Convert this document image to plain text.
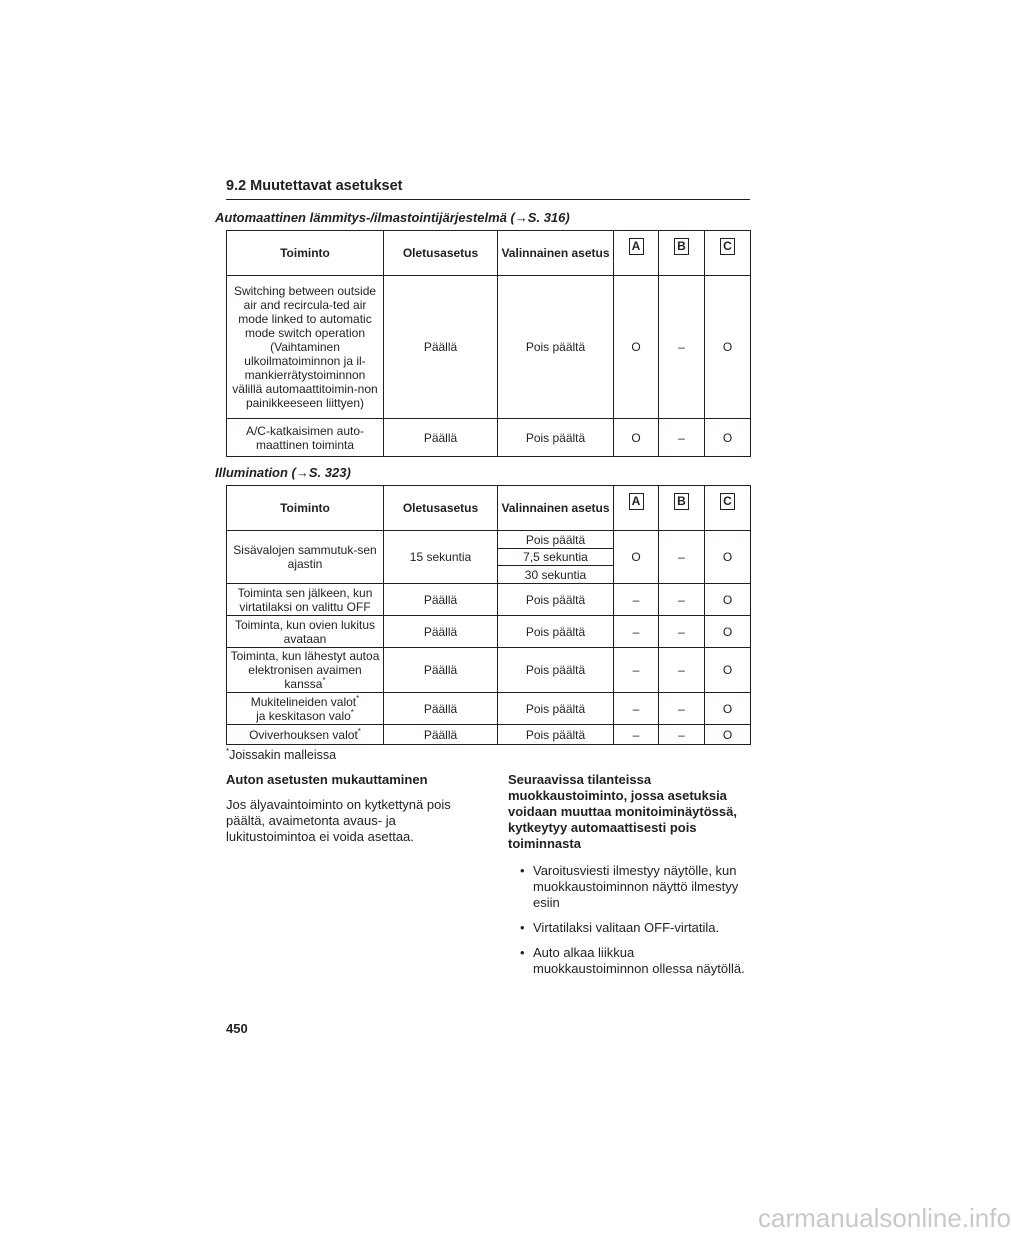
9.2 Muutettavat asetukset
Automaattinen lämmitys-/ilmastointijärjestelmä (→S. 316)
Toiminto	Oletusasetus	Valinnainen asetus	A	B	C
Switching between outside air and recircula-ted air mode linked to automatic mode switch operation (Vaihtaminen ulkoilmatoiminnon ja il-mankierrätystoiminnon välillä automaattitoimin-non painikkeeseen liittyen)	Päällä	Pois päältä	O	–	O
A/C-katkaisimen auto-maattinen toiminta	Päällä	Pois päältä	O	–	O
Illumination (→S. 323)
Toiminto	Oletusasetus	Valinnainen asetus	A	B	C
Sisävalojen sammutuk-sen ajastin	15 sekuntia	Pois päältä	O	–	O
		7,5 sekuntia			
		30 sekuntia			
Toiminta sen jälkeen, kun virtatilaksi on valittu OFF	Päällä	Pois päältä	–	–	O
Toiminta, kun ovien lukitus avataan	Päällä	Pois päältä	–	–	O
Toiminta, kun lähestyt autoa elektronisen avaimen kanssa*	Päällä	Pois päältä	–	–	O
Mukitelineiden valot*
ja keskitason valo*	Päällä	Pois päältä	–	–	O
Oviverhouksen valot*	Päällä	Pois päältä	–	–	O
*Joissakin malleissa
Auton asetusten mukauttaminen

Jos älyavaintoiminto on kytkettynä pois päältä, avaimetonta avaus- ja lukitustoimintoa ei voida asettaa.

Seuraavissa tilanteissa muokkaustoiminto, jossa asetuksia voidaan muuttaa monitoiminäytössä, kytkeytyy automaattisesti pois toiminnasta
• Varoitusviesti ilmestyy näytölle, kun muokkaustoiminnon näyttö ilmestyy esiin
• Virtatilaksi valitaan OFF-virtatila.
• Auto alkaa liikkua muokkaustoiminnon ollessa näytöllä.
450
carmanualsonline.info
